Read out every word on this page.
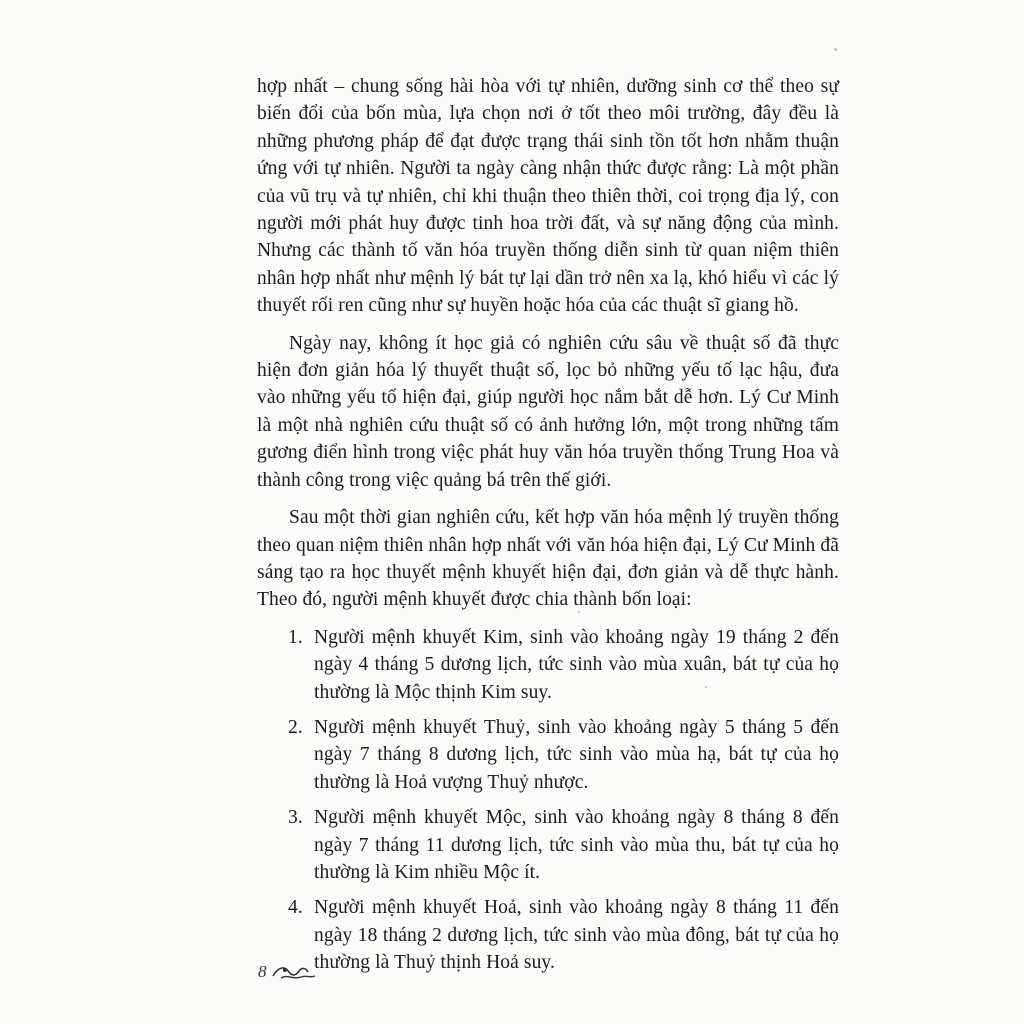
hợp nhất – chung sống hài hòa với tự nhiên, dưỡng sinh cơ thể theo sự biến đổi của bốn mùa, lựa chọn nơi ở tốt theo môi trường, đây đều là những phương pháp để đạt được trạng thái sinh tồn tốt hơn nhằm thuận ứng với tự nhiên. Người ta ngày càng nhận thức được rằng: Là một phần của vũ trụ và tự nhiên, chỉ khi thuận theo thiên thời, coi trọng địa lý, con người mới phát huy được tinh hoa trời đất, và sự năng động của mình. Nhưng các thành tố văn hóa truyền thống diễn sinh từ quan niệm thiên nhân hợp nhất như mệnh lý bát tự lại dần trở nên xa lạ, khó hiểu vì các lý thuyết rối ren cũng như sự huyền hoặc hóa của các thuật sĩ giang hồ.

Ngày nay, không ít học giả có nghiên cứu sâu về thuật số đã thực hiện đơn giản hóa lý thuyết thuật số, lọc bỏ những yếu tố lạc hậu, đưa vào những yếu tố hiện đại, giúp người học nắm bắt dễ hơn. Lý Cư Minh là một nhà nghiên cứu thuật số có ảnh hưởng lớn, một trong những tấm gương điển hình trong việc phát huy văn hóa truyền thống Trung Hoa và thành công trong việc quảng bá trên thế giới.

Sau một thời gian nghiên cứu, kết hợp văn hóa mệnh lý truyền thống theo quan niệm thiên nhân hợp nhất với văn hóa hiện đại, Lý Cư Minh đã sáng tạo ra học thuyết mệnh khuyết hiện đại, đơn giản và dễ thực hành. Theo đó, người mệnh khuyết được chia thành bốn loại:

1. Người mệnh khuyết Kim, sinh vào khoảng ngày 19 tháng 2 đến ngày 4 tháng 5 dương lịch, tức sinh vào mùa xuân, bát tự của họ thường là Mộc thịnh Kim suy.
2. Người mệnh khuyết Thuỷ, sinh vào khoảng ngày 5 tháng 5 đến ngày 7 tháng 8 dương lịch, tức sinh vào mùa hạ, bát tự của họ thường là Hoả vượng Thuỷ nhược.
3. Người mệnh khuyết Mộc, sinh vào khoảng ngày 8 tháng 8 đến ngày 7 tháng 11 dương lịch, tức sinh vào mùa thu, bát tự của họ thường là Kim nhiều Mộc ít.
4. Người mệnh khuyết Hoả, sinh vào khoảng ngày 8 tháng 11 đến ngày 18 tháng 2 dương lịch, tức sinh vào mùa đông, bát tự của họ thường là Thuỷ thịnh Hoả suy.
8
